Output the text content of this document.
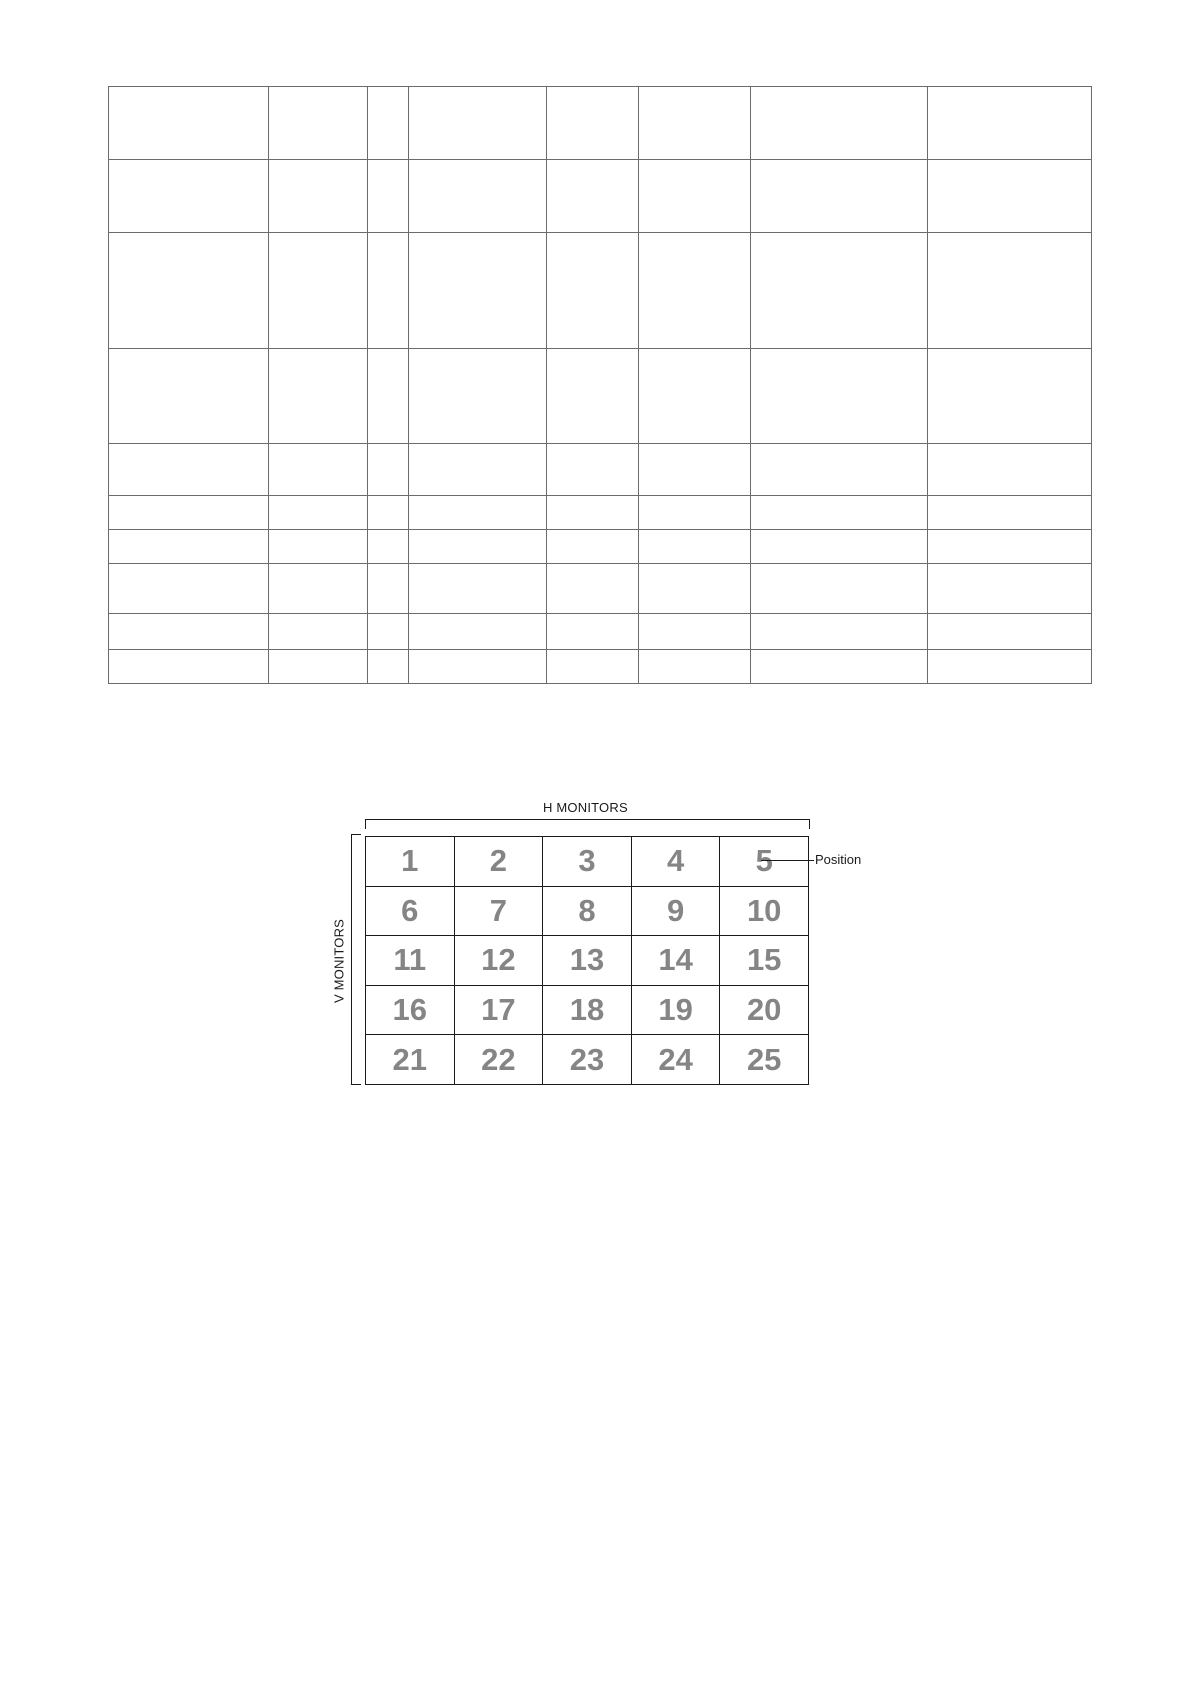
H MONITORS
V MONITORS
1	2	3	4	5
6	7	8	9	10
11	12	13	14	15
16	17	18	19	20
21	22	23	24	25
Position
